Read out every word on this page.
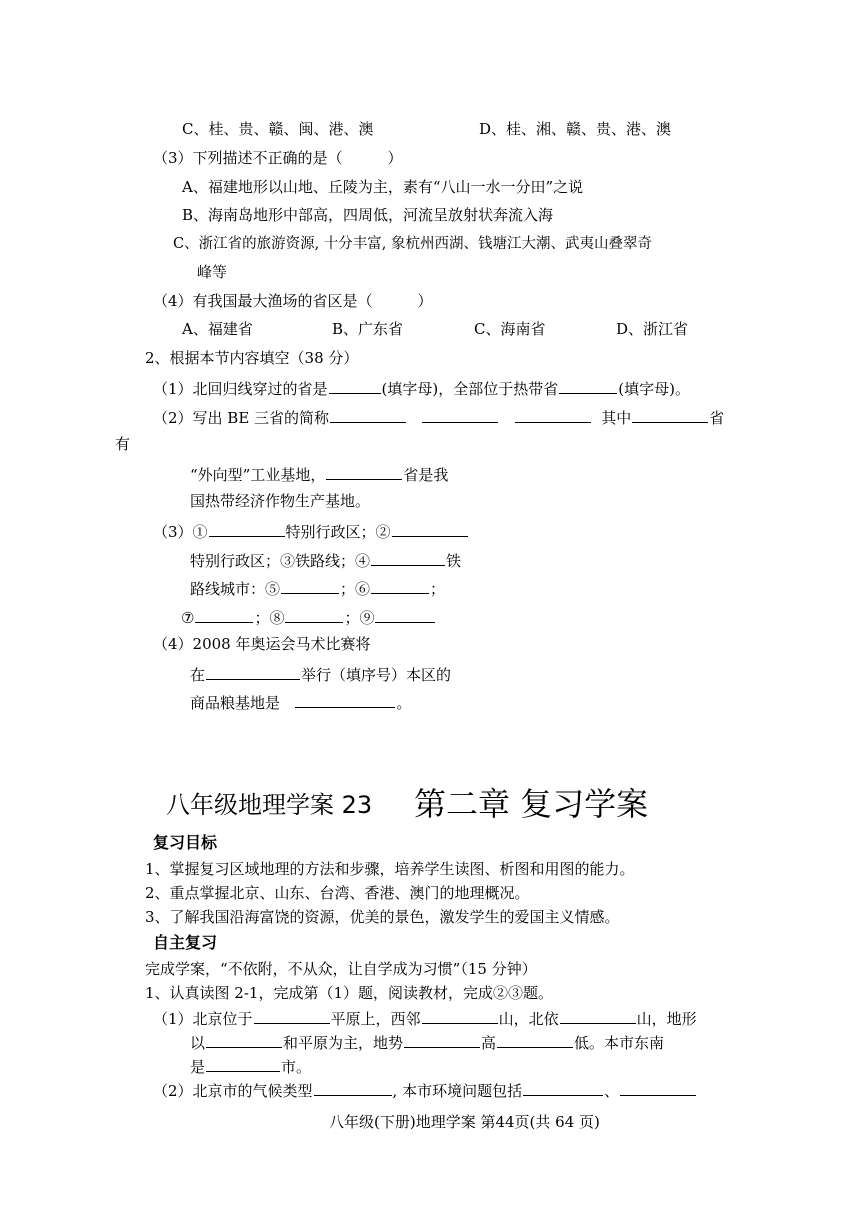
C、桂、贵、赣、闽、港、澳	D、桂、湘、赣、贵、港、澳
（3）下列描述不正确的是（　　　）
A、福建地形以山地、丘陵为主，素有“八山一水一分田”之说
B、海南岛地形中部高，四周低，河流呈放射状奔流入海
C、浙江省的旅游资源, 十分丰富, 象杭州西湖、钱塘江大潮、武夷山叠翠奇
峰等
（4）有我国最大渔场的省区是（　　　）
A、福建省	B、广东省	C、海南省	D、浙江省
2、根据本节内容填空（38 分）
（1）北回归线穿过的省是	(填字母)，全部位于热带省	(填字母)。
（2）写出 BE 三省的简称	其中	省
有
“外向型”工业基地，	省是我
国热带经济作物生产基地。
（3）①	特别行政区；②
特别行政区；③铁路线；④	铁
路线城市：⑤	；⑥	；
⑦	；⑧	；⑨
（4）2008 年奥运会马术比赛将
在	举行（填序号）本区的
商品粮基地是	。
八年级地理学案 23 第二章 复习学案
复习目标
1、掌握复习区域地理的方法和步骤，培养学生读图、析图和用图的能力。
2、重点掌握北京、山东、台湾、香港、澳门的地理概况。
3、了解我国沿海富饶的资源，优美的景色，激发学生的爱国主义情感。
自主复习
完成学案，“不依附，不从众，让自学成为习惯”（15 分钟）
1、认真读图 2-1，完成第（1）题，阅读教材，完成②③题。
（1）北京位于	平原上，西邻	山，北依	山，地形
以	和平原为主，地势	高	低。本市东南
是	市。
（2）北京市的气候类型	, 本市环境问题包括	、
八年级(下册)地理学案 第44页(共 64 页)
